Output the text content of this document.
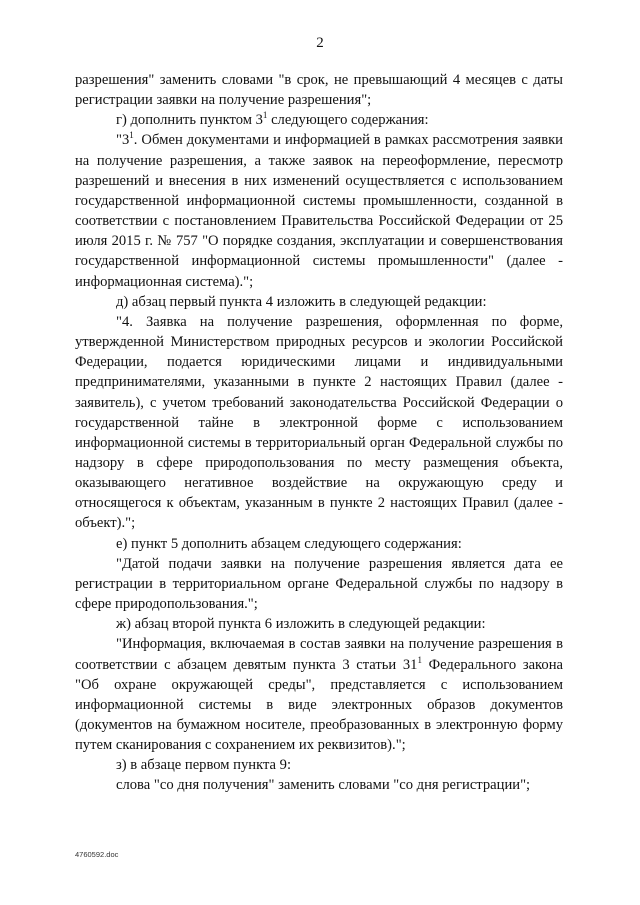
2

разрешения" заменить словами "в срок, не превышающий 4 месяцев с даты регистрации заявки на получение разрешения";

г) дополнить пунктом $3^1$ следующего содержания:

"$3^1$. Обмен документами и информацией в рамках рассмотрения заявки на получение разрешения, а также заявок на переоформление, пересмотр разрешений и внесения в них изменений осуществляется с использованием государственной информационной системы промышленности, созданной в соответствии с постановлением Правительства Российской Федерации от 25 июля 2015 г. № 757 "О порядке создания, эксплуатации и совершенствования государственной информационной системы промышленности" (далее - информационная система).";

д) абзац первый пункта 4 изложить в следующей редакции:

"4. Заявка на получение разрешения, оформленная по форме, утвержденной Министерством природных ресурсов и экологии Российской Федерации, подается юридическими лицами и индивидуальными предпринимателями, указанными в пункте 2 настоящих Правил (далее - заявитель), с учетом требований законодательства Российской Федерации о государственной тайне в электронной форме с использованием информационной системы в территориальный орган Федеральной службы по надзору в сфере природопользования по месту размещения объекта, оказывающего негативное воздействие на окружающую среду и относящегося к объектам, указанным в пункте 2 настоящих Правил (далее - объект).";

е) пункт 5 дополнить абзацем следующего содержания:

"Датой подачи заявки на получение разрешения является дата ее регистрации в территориальном органе Федеральной службы по надзору в сфере природопользования.";

ж) абзац второй пункта 6 изложить в следующей редакции:

"Информация, включаемая в состав заявки на получение разрешения в соответствии с абзацем девятым пункта 3 статьи $31^1$ Федерального закона "Об охране окружающей среды", представляется с использованием информационной системы в виде электронных образов документов (документов на бумажном носителе, преобразованных в электронную форму путем сканирования с сохранением их реквизитов).";

з) в абзаце первом пункта 9:

слова "со дня получения" заменить словами "со дня регистрации";

4760592.doc
